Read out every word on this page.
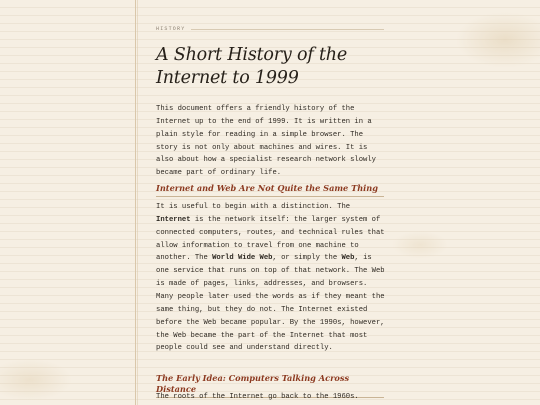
HISTORY
A Short History of the Internet to 1999

This document offers a friendly history of the Internet up to the end of 1999. It is written in a plain style for reading in a simple browser. The story is not only about machines and wires. It is also about how a specialist research network slowly became part of ordinary life.

Internet and Web Are Not Quite the Same Thing

It is useful to begin with a distinction. The Internet is the network itself: the larger system of connected computers, routes, and technical rules that allow information to travel from one machine to another. The World Wide Web, or simply the Web, is one service that runs on top of that network. The Web is made of pages, links, addresses, and browsers.

Many people later used the words as if they meant the same thing, but they do not. The Internet existed before the Web became popular. By the 1990s, however, the Web became the part of the Internet that most people could see and understand directly.

The Early Idea: Computers Talking Across Distance

The roots of the Internet go back to the 1960s.
